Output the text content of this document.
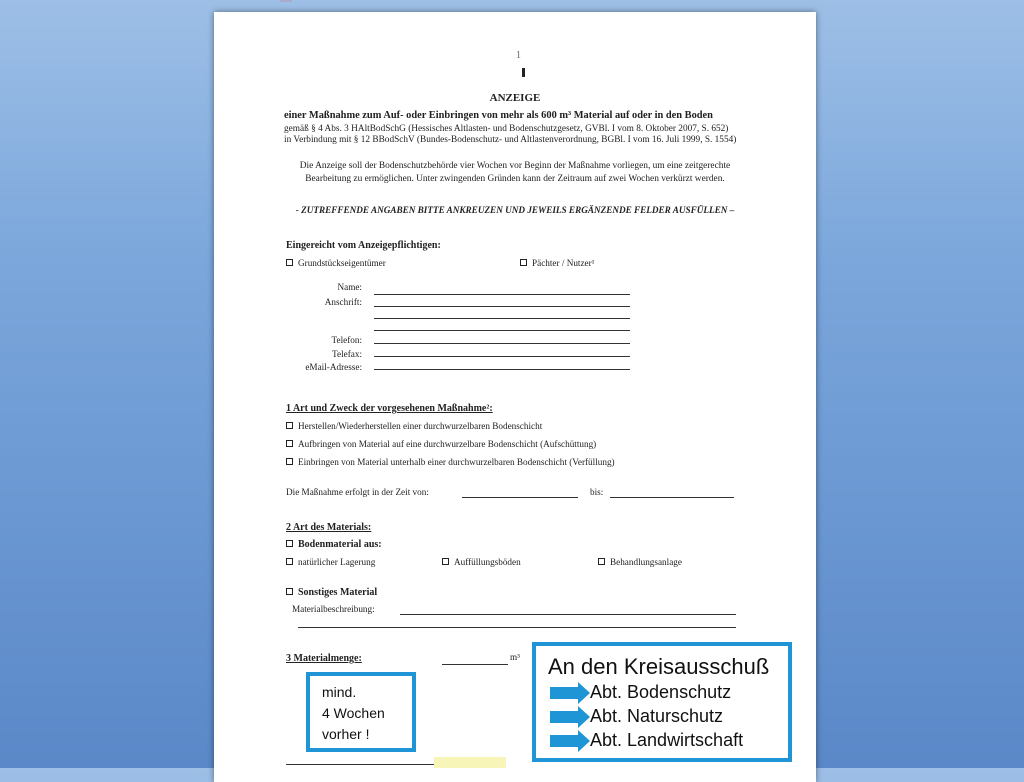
1
ANZEIGE
einer Maßnahme zum Auf- oder Einbringen von mehr als 600 m³ Material auf oder in den Boden
gemäß § 4 Abs. 3 HAltBodSchG (Hessisches Altlasten- und Bodenschutzgesetz, GVBl. I vom 8. Oktober 2007, S. 652)
in Verbindung mit § 12 BBodSchV (Bundes-Bodenschutz- und Altlastenverordnung, BGBl. I vom 16. Juli 1999, S. 1554)
Die Anzeige soll der Bodenschutzbehörde vier Wochen vor Beginn der Maßnahme vorliegen, um eine zeitgerechte
Bearbeitung zu ermöglichen. Unter zwingenden Gründen kann der Zeitraum auf zwei Wochen verkürzt werden.
- ZUTREFFENDE ANGABEN BITTE ANKREUZEN UND JEWEILS ERGÄNZENDE FELDER AUSFÜLLEN –
Eingereicht vom Anzeigepflichtigen:
Grundstückseigentümer	Pächter / Nutzer¹
Name:
Anschrift:
Telefon:
Telefax:
eMail-Adresse:
1 Art und Zweck der vorgesehenen Maßnahme²:
Herstellen/Wiederherstellen einer durchwurzelbaren Bodenschicht
Aufbringen von Material auf eine durchwurzelbare Bodenschicht (Aufschüttung)
Einbringen von Material unterhalb einer durchwurzelbaren Bodenschicht (Verfüllung)
Die Maßnahme erfolgt in der Zeit von:	bis:
2 Art des Materials:
Bodenmaterial aus:
natürlicher Lagerung	Auffüllungsböden	Behandlungsanlage
Sonstiges Material
Materialbeschreibung:
3 Materialmenge:	m³
mind.
4 Wochen
vorher !
An den Kreisausschuß
Abt. Bodenschutz
Abt. Naturschutz
Abt. Landwirtschaft
